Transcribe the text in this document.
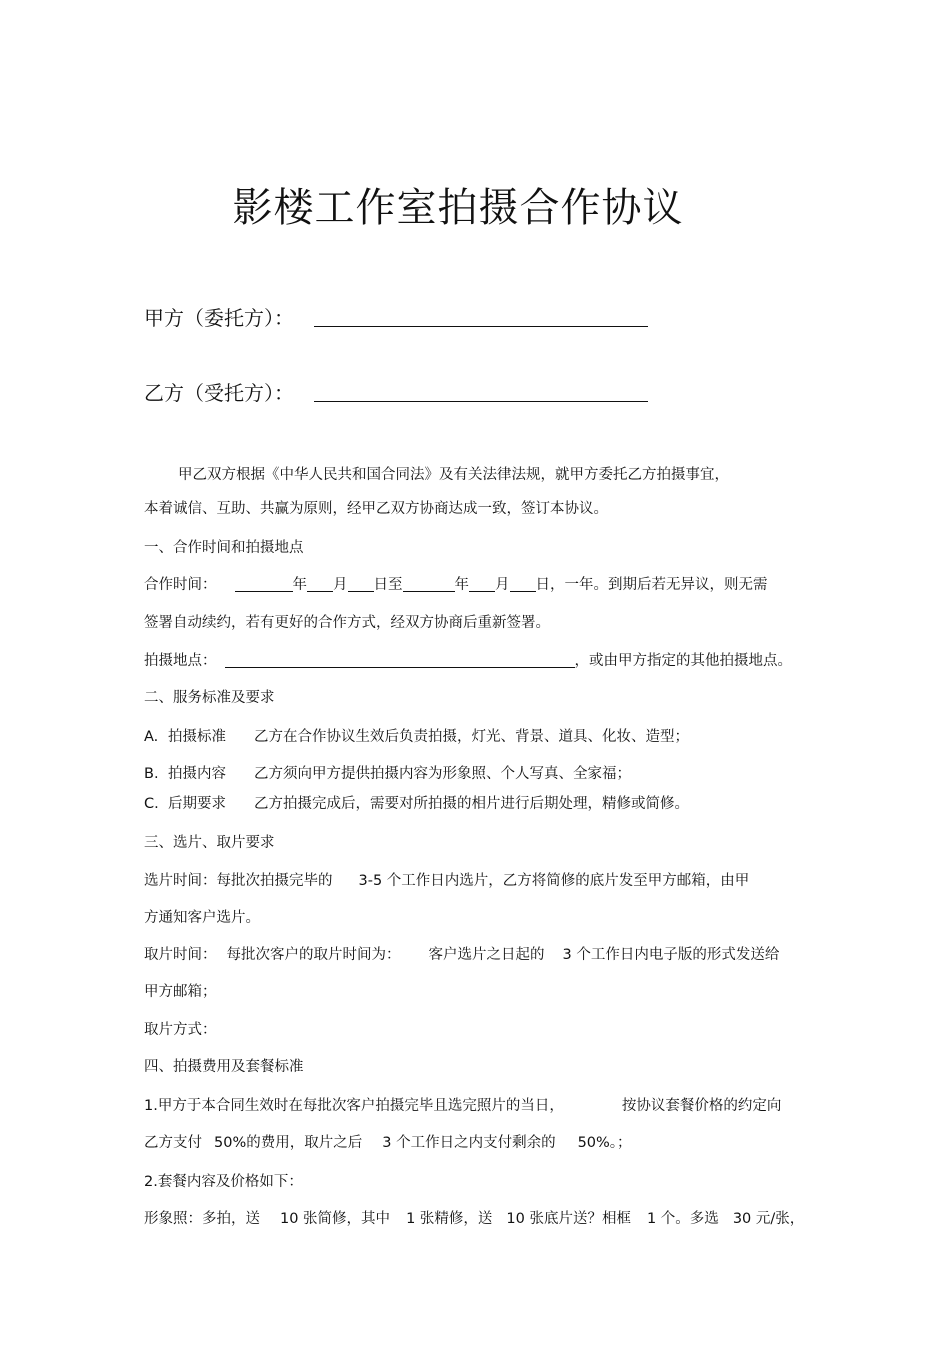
影楼工作室拍摄合作协议
甲方（委托方）：
乙方（受托方）：
甲乙双方根据《中华人民共和国合同法》及有关法律法规，就甲方委托乙方拍摄事宜，
本着诚信、互助、共赢为原则，经甲乙双方协商达成一致，签订本协议。
一、合作时间和拍摄地点
合作时间：	年 月 日至	年 月 日，一年。到期后若无异议，则无需
签署自动续约，若有更好的合作方式，经双方协商后重新签署。
拍摄地点：	，或由甲方指定的其他拍摄地点。
二、服务标准及要求
A. 拍摄标准 乙方在合作协议生效后负责拍摄，灯光、背景、道具、化妆、造型；
B. 拍摄内容 乙方须向甲方提供拍摄内容为形象照、个人写真、全家福；
C. 后期要求 乙方拍摄完成后，需要对所拍摄的相片进行后期处理，精修或简修。
三、选片、取片要求
选片时间：每批次拍摄完毕的 3-5 个工作日内选片，乙方将简修的底片发至甲方邮箱，由甲
方通知客户选片。
取片时间： 每批次客户的取片时间为： 客户选片之日起的 3 个工作日内电子版的形式发送给
甲方邮箱；
取片方式：
四、拍摄费用及套餐标准
1.甲方于本合同生效时在每批次客户拍摄完毕且选完照片的当日，	按协议套餐价格的约定向
乙方支付 50%的费用，取片之后 3 个工作日之内支付剩余的 50%。；
2.套餐内容及价格如下：
形象照：多拍，送 10 张简修，其中 1 张精修，送 10 张底片送？相框 1 个。多选 30 元/张，
